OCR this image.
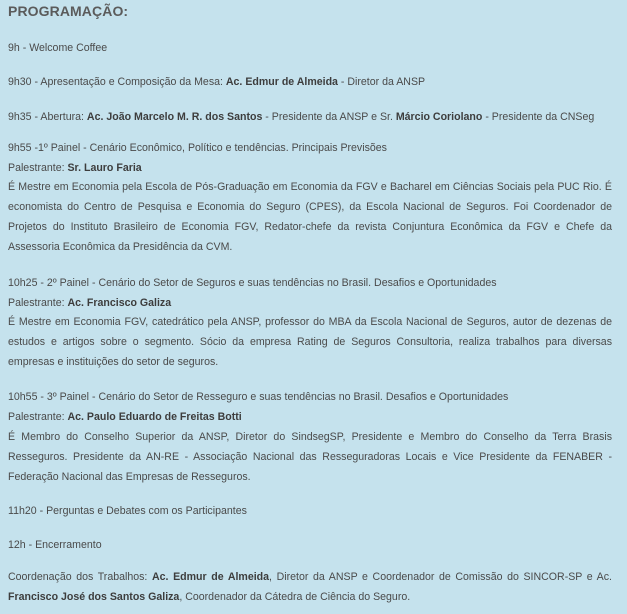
PROGRAMAÇÃO:
9h - Welcome Coffee
9h30 - Apresentação e Composição da Mesa: Ac. Edmur de Almeida - Diretor da ANSP
9h35 - Abertura: Ac. João Marcelo M. R. dos Santos - Presidente da ANSP e Sr. Márcio Coriolano - Presidente da CNSeg
9h55 -1º Painel - Cenário Econômico, Político e tendências. Principais Previsões
Palestrante: Sr. Lauro Faria
É Mestre em Economia pela Escola de Pós-Graduação em Economia da FGV e Bacharel em Ciências Sociais pela PUC Rio. É economista do Centro de Pesquisa e Economia do Seguro (CPES), da Escola Nacional de Seguros. Foi Coordenador de Projetos do Instituto Brasileiro de Economia FGV, Redator-chefe da revista Conjuntura Econômica da FGV e Chefe da Assessoria Econômica da Presidência da CVM.
10h25 - 2º Painel - Cenário do Setor de Seguros e suas tendências no Brasil. Desafios e Oportunidades
Palestrante: Ac. Francisco Galiza
É Mestre em Economia FGV, catedrático pela ANSP, professor do MBA da Escola Nacional de Seguros, autor de dezenas de estudos e artigos sobre o segmento. Sócio da empresa Rating de Seguros Consultoria, realiza trabalhos para diversas empresas e instituições do setor de seguros.
10h55 - 3º Painel - Cenário do Setor de Resseguro e suas tendências no Brasil. Desafios e Oportunidades
Palestrante: Ac. Paulo Eduardo de Freitas Botti
É Membro do Conselho Superior da ANSP, Diretor do SindsegSP, Presidente e Membro do Conselho da Terra Brasis Resseguros. Presidente da AN-RE - Associação Nacional das Resseguradoras Locais e Vice Presidente da FENABER - Federação Nacional das Empresas de Resseguros.
11h20 - Perguntas e Debates com os Participantes
12h - Encerramento
Coordenação dos Trabalhos: Ac. Edmur de Almeida, Diretor da ANSP e Coordenador de Comissão do SINCOR-SP e Ac. Francisco José dos Santos Galiza, Coordenador da Cátedra de Ciência do Seguro.
